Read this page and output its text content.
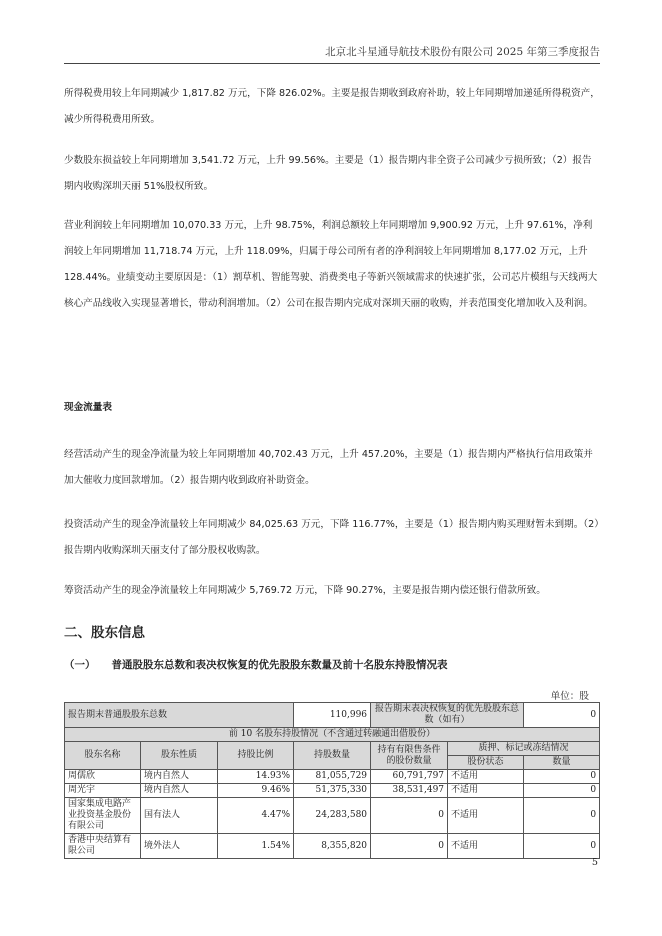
北京北斗星通导航技术股份有限公司 2025 年第三季度报告

所得税费用较上年同期减少 1,817.82 万元，下降 826.02%。主要是报告期收到政府补助，较上年同期增加递延所得税资产，减少所得税费用所致。

少数股东损益较上年同期增加 3,541.72 万元，上升 99.56%。主要是（1）报告期内非全资子公司减少亏损所致；（2）报告期内收购深圳天丽 51%股权所致。

营业利润较上年同期增加 10,070.33 万元，上升 98.75%，利润总额较上年同期增加 9,900.92 万元，上升 97.61%，净利润较上年同期增加 11,718.74 万元，上升 118.09%，归属于母公司所有者的净利润较上年同期增加 8,177.02 万元，上升 128.44%。业绩变动主要原因是：（1）割草机、智能驾驶、消费类电子等新兴领域需求的快速扩张，公司芯片模组与天线两大核心产品线收入实现显著增长，带动利润增加。（2）公司在报告期内完成对深圳天丽的收购，并表范围变化增加收入及利润。

现金流量表

经营活动产生的现金净流量为较上年同期增加 40,702.43 万元，上升 457.20%，主要是（1）报告期内严格执行信用政策并加大催收力度回款增加。（2）报告期内收到政府补助资金。

投资活动产生的现金净流量较上年同期减少 84,025.63 万元，下降 116.77%，主要是（1）报告期内购买理财暂未到期。（2）报告期内收购深圳天丽支付了部分股权收购款。

筹资活动产生的现金净流量较上年同期减少 5,769.72 万元，下降 90.27%，主要是报告期内偿还银行借款所致。

二、股东信息

（一） 普通股股东总数和表决权恢复的优先股股东数量及前十名股东持股情况表

单位：股

报告期末普通股股东总数			110,996	报告期末表决权恢复的优先股股东总数（如有）		0
前 10 名股东持股情况（不含通过转融通出借股份）						
股东名称	股东性质	持股比例	持股数量	持有有限售条件的股份数量	质押、标记或冻结情况	
					股份状态	数量
周儒欣	境内自然人	14.93%	81,055,729	60,791,797	不适用	0
周光宇	境内自然人	9.46%	51,375,330	38,531,497	不适用	0
国家集成电路产业投资基金股份有限公司	国有法人	4.47%	24,283,580	0	不适用	0
香港中央结算有限公司	境外法人	1.54%	8,355,820	0	不适用	0

5
